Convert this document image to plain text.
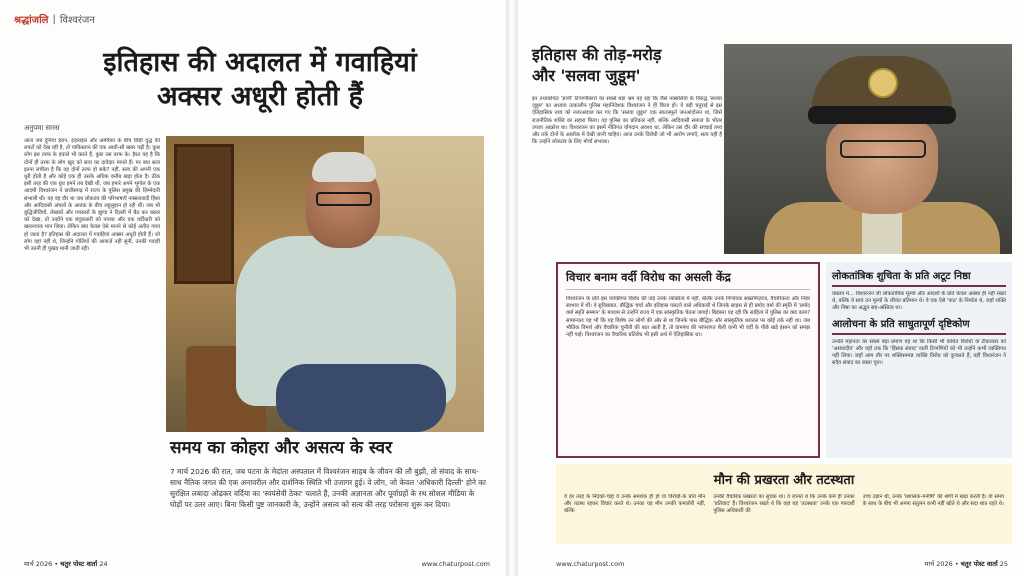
श्रद्धांजलि | विश्वरंजन
इतिहास की अदालत में गवाहियां
अक्सर अधूरी होती हैं
अनुपमा सारस

आज जब दुनिया ईरान, इज़राइल और अमेरिका के बीच छिड़ी युद्ध की लपटों को देख रही है, तो पाकिस्तान की एक आधी-सी खबर पढ़ी है। कुछ लोग इस तरफ के हवाले भी करते हैं, कुछ उस तरफ के। हैरत यह है कि दोनों ही तरफ के लोग खुद को सत्य का दावेदार मानते हैं। पर क्या सत्य इतना लचीला है कि वह दोनों तरफ हो सके? नहीं, सत्य की अपनी एक धुरी होती है और कोई एक ही उसके अधिक करीब खड़ा होता है। ठीक इसी तरह की एक धुंध हमने तब देखी थी, जब हमारे अपने भूगोल के एक आदमी विश्वरंजन ने छत्तीसगढ़ में राज्य के पुलिस प्रमुख की ज़िम्मेदारी संभाली थी। यह वह दौर था जब लोकतंत्र की परिभाषाएँ नक्सलवादी हिंसा और आदिवासी अंचलों के आतंक के बीच लहूलुहान हो रही थीं। जब भी बुद्धिजीवियों, लेखकों और पत्रकारों के झुण्ड ने दिल्ली में बैठ कर बस्तर को देखा, तो उन्होंने एक बंदूकधारी को नायक और एक वर्दीधारी को खलनायक मान लिया। लेकिन क्या केवल ऐसे मानने से कोई अतीत न्याय हो जाता है? इतिहास की अदालत में गवाहियां अक्सर अधूरी होती हैं। जो लोग वहां नहीं थे, जिन्होंने गोलियों की आवाज़ें नहीं सुनीं, उनकी गवाही भी उतनी ही पुख्ता मानी जाती रही।

समय का कोहरा और असत्य के स्वर
7 मार्च 2026 की रात, जब पटना के मेदांता अस्पताल में विश्वरंजन साहब के जीवन की लौ बुझी, तो संवाद के साथ-साथ नैतिक जगत की एक अनावरील और दार्शनिक स्थिति भी उजागर हुई। वे लोग, जो केवल 'अधिकारी दिल्ली' होने का सुरक्षित लबादा ओढ़कर वर्दिया का 'स्वयंसेवी ठेका' चलाते हैं, उनकी अज्ञानता और पूर्वाग्रहों के रथ सोशल मीडिया के घोड़ों पर उतर आए। बिना किसी पुष्ट जानकारी के, उन्होंने असत्य को सत्य की तरह परोसना शुरू कर दिया।
मार्च 2026 • चतुर पोस्ट वार्ता 24	www.chaturpost.com
इतिहास की तोड़-मरोड़
और 'सलवा जुडूम'

इन तथाकथित 'ज्ञानी' टिप्पणीकारों का सबसे बड़ा भ्रम यह रहा कि जैसे नक्सलियों के विरुद्ध 'सलवा जुडूम' का अध्याय तत्कालीन पुलिस महानिदेशक विश्वरंजन ने ही किया हो। ये बड़ी चतुराई से इस ऐतिहासिक तथ्य को नजरअंदाज कर गए कि 'सलवा जुडूम' एक स्वतःस्फूर्त जनआंदोलन था, जिसे राजनीतिक शक्ति का सहारा मिला। यह पुलिस का प्रतिकार नहीं, बल्कि आदिवासी समाज के भीतर उपजा आक्रोश था। विश्वरंजन का इसमें नीतिगत योगदान अवश्य था, लेकिन उस दौर की सच्चाई तथ्य और तर्क दोनों के आलोक में देखी जानी चाहिए। आज उनके विरोधी जो भी आरोप लगाएँ, सत्य यही है कि उन्होंने लोकतंत्र के लिए मोर्चा संभाला।

विचार बनाम वर्दी विरोध का असली केंद्र

विश्वरंजन के प्रति इस व्यक्तिगत विरोध की जड़ें उनके व्यक्तित्व में नहीं, बल्कि उनके निर्णायक सख्तमिज़ाज, वैचारिकता और निडर स्वभाव में थीं। वे सुविख्यात, बौद्धिक चर्चा और इतिहास पलटने वाले अधिकारी थे जिनके साहस से ही प्रमोद वर्मा की स्मृति में 'प्रमोद वर्मा स्मृति सम्मान' के माध्यम से उन्होंने राज्य में एक सांस्कृतिक चेतना जगाई। बिडंबना यह रही कि साहित्य में पुलिस का क्या काम? सामान्यतः यह भी कि यह विशेष उन लोगों की ओर से था जिनके पास बौद्धिक और सांस्कृतिक धरातल पर कोई तर्क नहीं था। जब भौतिक विमर्श और वैचारिक चुनौती की बात आती है, तो वामपंथ की परंपरागत शैली कभी भी वर्दी के पीछे खड़े इंसान को समझ नहीं पाई। विश्वरंजन का वैचारिक प्रतिरोध भी इसी अर्थ में ऐतिहासिक था।

लोकतांत्रिक शुचिता के प्रति अटूट निष्ठा

वास्तव में... विश्वरंजन जी लोकतांत्रिक मूल्यों और आदर्शों के प्रति केवल आस्था ही नहीं रखते थे, बल्कि वे स्वयं उन मूल्यों के जीवंत प्रतिमान थे। वे एक ऐसे 'पाठ' के निर्माता थे, जहाँ शक्ति और निष्ठा का अद्भुत सह-अस्तित्व था।

आलोचना के प्रति साधुतापूर्ण दृष्टिकोण

उनकी महानता का सबसे बड़ा प्रमाण यह था कि किसी भी कथित विरोधी या टीकाकार को 'असंवादीय' और यहाँ तक कि 'हिंसक संवाद' वाली टिप्पणियों को भी उन्होंने कभी व्यक्तिगत नहीं लिया। जहाँ आम तौर पर शक्तिसम्पन्न व्यक्ति विरोध को कुचलते हैं, वहीं विश्वरंजन ने सदैव संवाद का रास्ता चुना।

मौन की प्रखरता और तटस्थता
वे हर तरह के निंदकों-चाहे वे उनके समर्थक ही हों या विरोधी-के प्रति मौन और तटस्थ रहकर विचार करते थे। उनका यह मौन उनकी कमजोरी नहीं, बल्कि
उनकी वैचारिक प्रखरता का सूचक था। वे जानते थे कि उनके कर्म ही उनका 'प्रतिवाद' हैं। विश्वरंजन रखते थे कि वहां यह 'तटस्थता' उनके एक पारदर्शी पुलिस अधिकारी की
उच्च उड़ान थी, उनके 'प्रशासक-मनीषी' की श्रेणी में खड़ा करती है। वो समय के साथ के बीच भी अपना संतुलन कभी नहीं खोते थे और सदा शांत रहते थे।
www.chaturpost.com	मार्च 2026 • चतुर पोस्ट वार्ता 25
